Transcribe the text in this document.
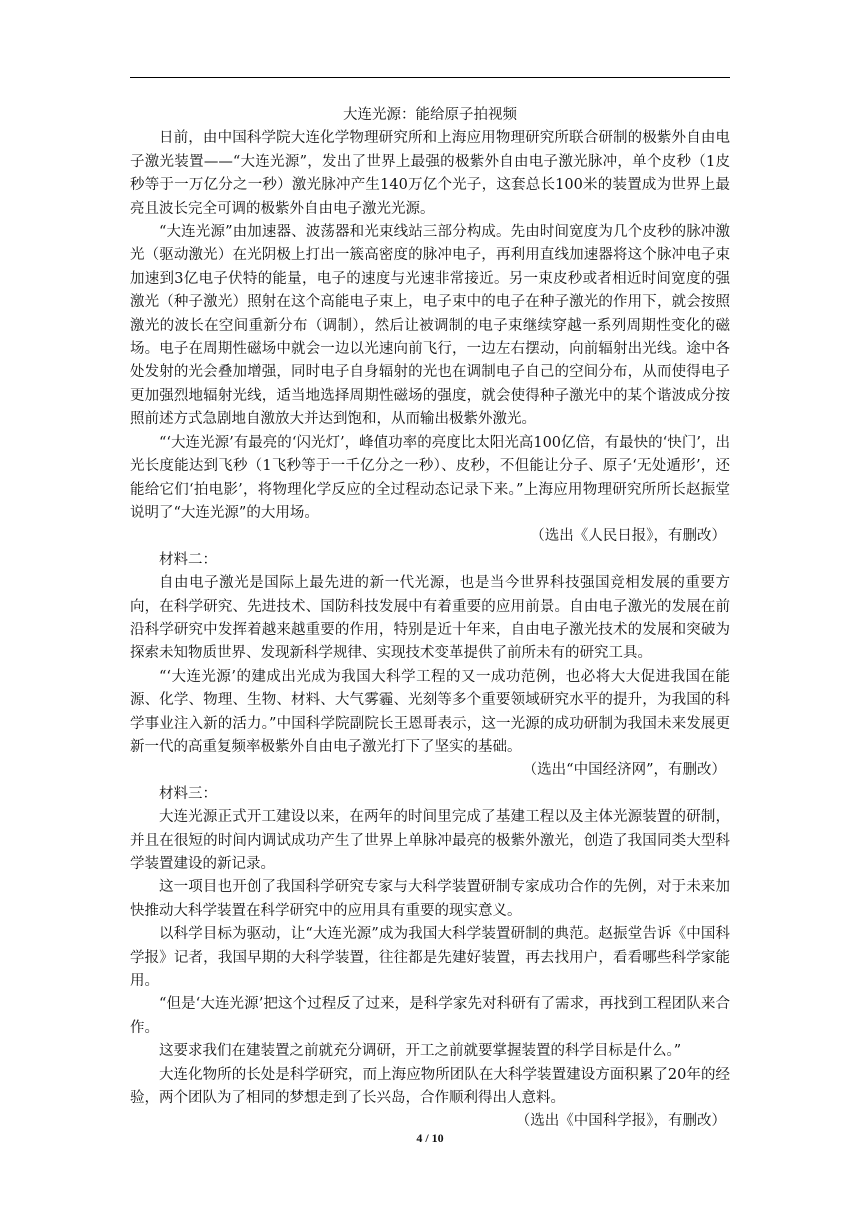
大连光源：能给原子拍视频

日前，由中国科学院大连化学物理研究所和上海应用物理研究所联合研制的极紫外自由电子激光装置——“大连光源”，发出了世界上最强的极紫外自由电子激光脉冲，单个皮秒（1皮秒等于一万亿分之一秒）激光脉冲产生140万亿个光子，这套总长100米的装置成为世界上最亮且波长完全可调的极紫外自由电子激光光源。

“大连光源”由加速器、波荡器和光束线站三部分构成。先由时间宽度为几个皮秒的脉冲激光（驱动激光）在光阴极上打出一簇高密度的脉冲电子，再利用直线加速器将这个脉冲电子束加速到3亿电子伏特的能量，电子的速度与光速非常接近。另一束皮秒或者相近时间宽度的强激光（种子激光）照射在这个高能电子束上，电子束中的电子在种子激光的作用下，就会按照激光的波长在空间重新分布（调制），然后让被调制的电子束继续穿越一系列周期性变化的磁场。电子在周期性磁场中就会一边以光速向前飞行，一边左右摆动，向前辐射出光线。途中各处发射的光会叠加增强，同时电子自身辐射的光也在调制电子自己的空间分布，从而使得电子更加强烈地辐射光线，适当地选择周期性磁场的强度，就会使得种子激光中的某个谐波成分按照前述方式急剧地自激放大并达到饱和，从而输出极紫外激光。

“‘大连光源’有最亮的‘闪光灯’，峰值功率的亮度比太阳光高100亿倍，有最快的‘快门’，出光长度能达到飞秒（1飞秒等于一千亿分之一秒）、皮秒，不但能让分子、原子‘无处遁形’，还能给它们‘拍电影’，将物理化学反应的全过程动态记录下来。”上海应用物理研究所所长赵振堂说明了“大连光源”的大用场。

（选出《人民日报》，有删改）

材料二：

自由电子激光是国际上最先进的新一代光源，也是当今世界科技强国竞相发展的重要方向，在科学研究、先进技术、国防科技发展中有着重要的应用前景。自由电子激光的发展在前沿科学研究中发挥着越来越重要的作用，特别是近十年来，自由电子激光技术的发展和突破为探索未知物质世界、发现新科学规律、实现技术变革提供了前所未有的研究工具。

“‘大连光源’的建成出光成为我国大科学工程的又一成功范例，也必将大大促进我国在能源、化学、物理、生物、材料、大气雾霾、光刻等多个重要领域研究水平的提升，为我国的科学事业注入新的活力。”中国科学院副院长王恩哥表示，这一光源的成功研制为我国未来发展更新一代的高重复频率极紫外自由电子激光打下了坚实的基础。

（选出“中国经济网”，有删改）

材料三：

大连光源正式开工建设以来，在两年的时间里完成了基建工程以及主体光源装置的研制，并且在很短的时间内调试成功产生了世界上单脉冲最亮的极紫外激光，创造了我国同类大型科学装置建设的新记录。

这一项目也开创了我国科学研究专家与大科学装置研制专家成功合作的先例，对于未来加快推动大科学装置在科学研究中的应用具有重要的现实意义。

以科学目标为驱动，让“大连光源”成为我国大科学装置研制的典范。赵振堂告诉《中国科学报》记者，我国早期的大科学装置，往往都是先建好装置，再去找用户，看看哪些科学家能用。

“但是‘大连光源’把这个过程反了过来，是科学家先对科研有了需求，再找到工程团队来合作。

这要求我们在建装置之前就充分调研，开工之前就要掌握装置的科学目标是什么。”

大连化物所的长处是科学研究，而上海应物所团队在大科学装置建设方面积累了20年的经验，两个团队为了相同的梦想走到了长兴岛，合作顺利得出人意料。

（选出《中国科学报》，有删改）

4 / 10
